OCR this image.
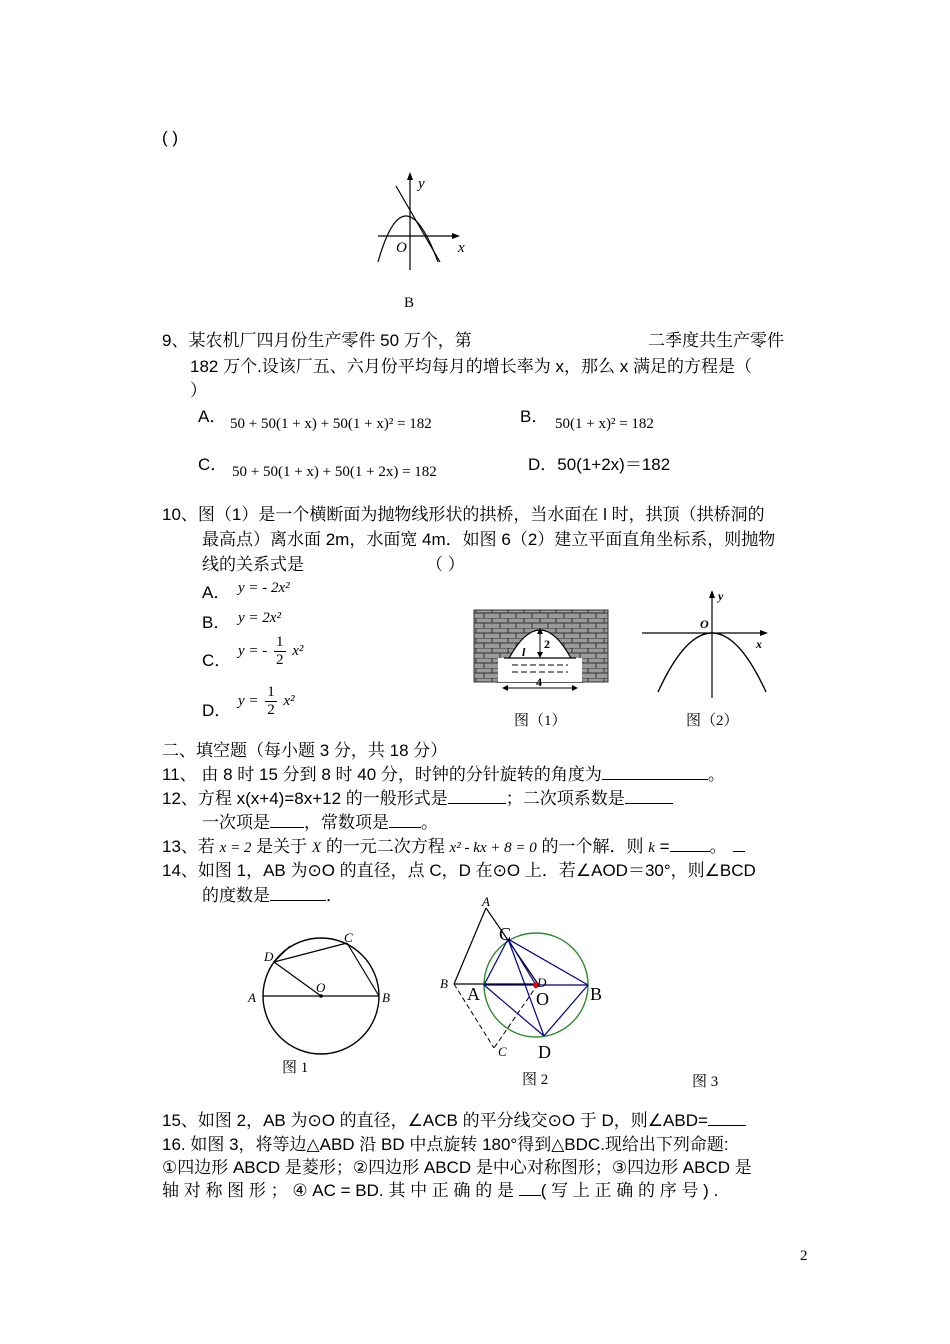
( )
y
x
O
B
9、某农机厂四月份生产零件 50 万个，第	二季度共生产零件
182 万个.设该厂五、六月份平均每月的增长率为 x，那么 x 满足的方程是（
）
A． 50 + 50(1 + x) + 50(1 + x)² = 182	B． 50(1 + x)² = 182
C． 50 + 50(1 + x) + 50(1 + 2x) = 182	D．50(1+2x)＝182
10、图（1）是一个横断面为抛物线形状的拱桥，当水面在 l 时，拱顶（拱桥洞的
最高点）离水面 2m，水面宽 4m．如图 6（2）建立平面直角坐标系，则抛物
线的关系式是	（ ）
A． y = - 2x²
B． y = 2x²
C． y = - $\frac{1}{2} x^2$
D． $y = \frac{1}{2} x^2$
2
l
4
图（1）
y
x
O
图（2）
二、填空题（每小题 3 分，共 18 分）
11、 由 8 时 15 分到 8 时 40 分，时钟的分针旋转的角度为	。
12、方程 x(x+4)=8x+12 的一般形式是	；二次项系数是
一次项是 ，常数项是 。
13、若 x = 2 是关于 X 的一元二次方程 x² - kx + 8 = 0 的一个解．则 k = 。
14、如图 1，AB 为⊙O 的直径，点 C，D 在⊙O 上．若∠AOD＝30°，则∠BCD
的度数是	．
D
C
A	B
O
图 1
A
B	D
C
C
A	O B
D
图 2	图 3
15、如图 2，AB 为⊙O 的直径，∠ACB 的平分线交⊙O 于 D，则∠ABD=
16. 如图 3，将等边△ABD 沿 BD 中点旋转 180°得到△BDC.现给出下列命题:
①四边形 ABCD 是菱形；②四边形 ABCD 是中心对称图形；③四边形 ABCD 是
轴 对 称 图 形 ； ④ AC = BD. 其 中 正 确 的 是 ( 写 上 正 确 的 序 号 ) .
2
